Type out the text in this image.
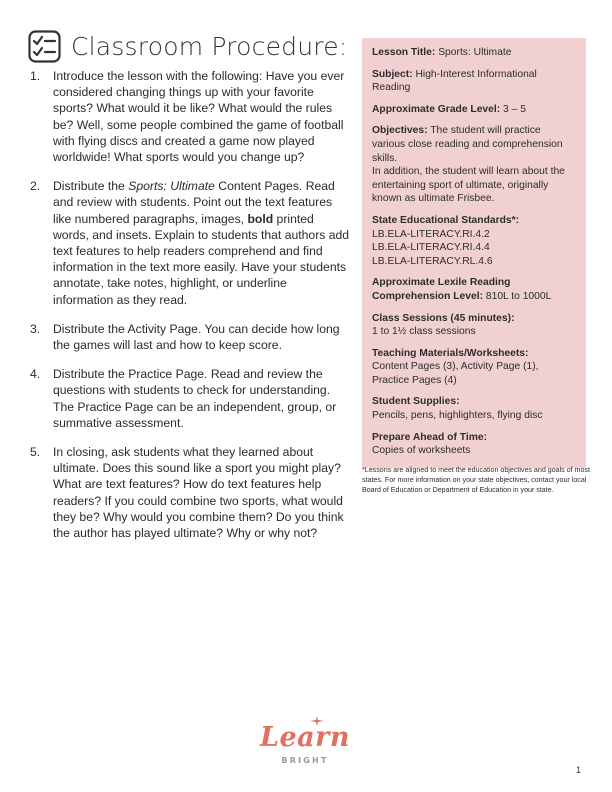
Classroom Procedure:
1.	Introduce the lesson with the following: Have you ever considered changing things up with your favorite sports? What would it be like? What would the rules be? Well, some people combined the game of football with flying discs and created a game now played worldwide! What sports would you change up?
2.	Distribute the Sports: Ultimate Content Pages. Read and review with students. Point out the text features like numbered paragraphs, images, bold printed words, and insets. Explain to students that authors add text features to help readers comprehend and find information in the text more easily. Have your students annotate, take notes, highlight, or underline information as they read.
3.	Distribute the Activity Page. You can decide how long the games will last and how to keep score.
4.	Distribute the Practice Page. Read and review the questions with students to check for understanding.
The Practice Page can be an independent, group, or summative assessment.
5.	In closing, ask students what they learned about ultimate. Does this sound like a sport you might play? What are text features? How do text features help readers? If you could combine two sports, what would they be? Why would you combine them? Do you think the author has played ultimate? Why or why not?
Lesson Title: Sports: Ultimate
Subject: High-Interest Informational Reading
Approximate Grade Level: 3 – 5
Objectives: The student will practice various close reading and comprehension skills.
In addition, the student will learn about the entertaining sport of ultimate, originally known as ultimate Frisbee.
State Educational Standards*:
LB.ELA-LITERACY.RI.4.2
LB.ELA-LITERACY.RI.4.4
LB.ELA-LITERACY.RL.4.6
Approximate Lexile Reading Comprehension Level: 810L to 1000L
Class Sessions (45 minutes):
1 to 1½ class sessions
Teaching Materials/Worksheets:
Content Pages (3), Activity Page (1), Practice Pages (4)
Student Supplies:
Pencils, pens, highlighters, flying disc
Prepare Ahead of Time:
Copies of worksheets
*Lessons are aligned to meet the education objectives and goals of most states. For more information on your state objectives, contact your local Board of Education or Department of Education in your state.
Learn
BRIGHT
1
